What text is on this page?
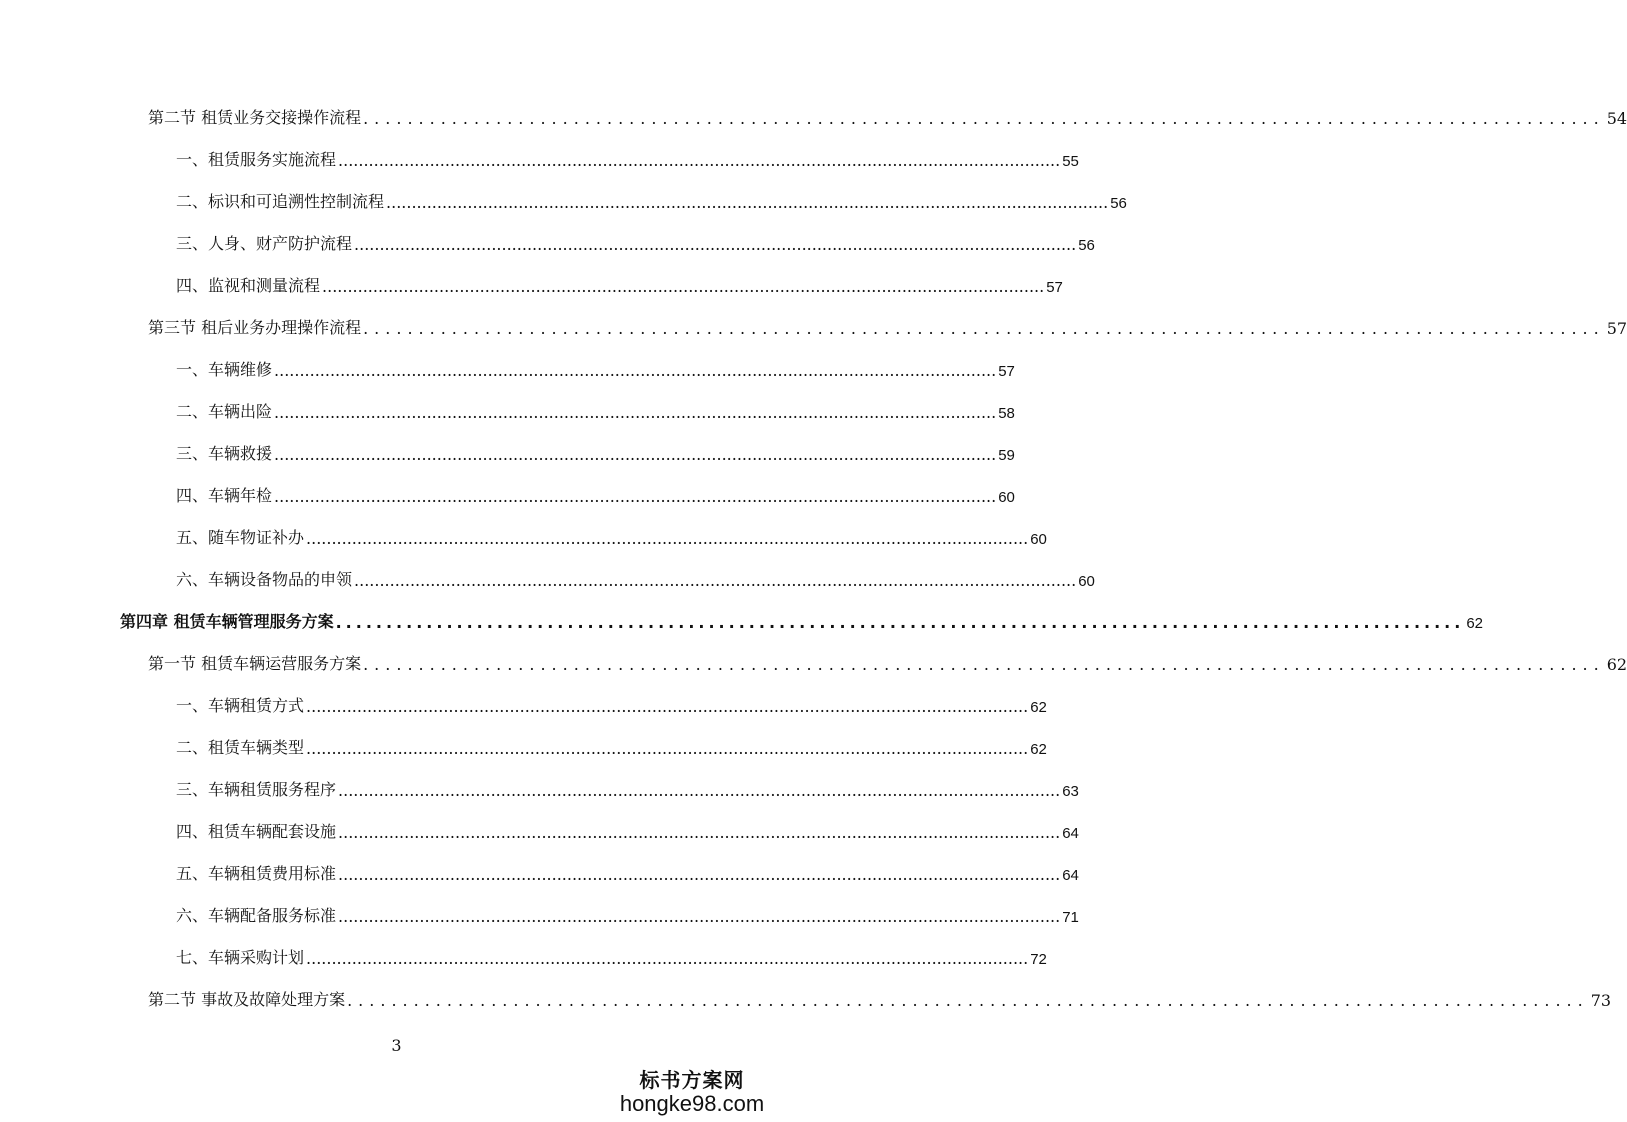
第二节 租赁业务交接操作流程 ................................................................................................................ 54
一、租赁服务实施流程 .............................................................................................................................................. 55
二、标识和可追溯性控制流程 .............................................................................................................................................. 56
三、人身、财产防护流程 .............................................................................................................................................. 56
四、监视和测量流程 .............................................................................................................................................. 57
第三节 租后业务办理操作流程 ................................................................................................................ 57
一、车辆维修 .............................................................................................................................................. 57
二、车辆出险 .............................................................................................................................................. 58
三、车辆救援 .............................................................................................................................................. 59
四、车辆年检 .............................................................................................................................................. 60
五、随车物证补办 .............................................................................................................................................. 60
六、车辆设备物品的申领 .............................................................................................................................................. 60
第四章 租赁车辆管理服务方案 ................................................................................................................ 62
第一节 租赁车辆运营服务方案 ................................................................................................................ 62
一、车辆租赁方式 .............................................................................................................................................. 62
二、租赁车辆类型 .............................................................................................................................................. 62
三、车辆租赁服务程序 .............................................................................................................................................. 63
四、租赁车辆配套设施 .............................................................................................................................................. 64
五、车辆租赁费用标准 .............................................................................................................................................. 64
六、车辆配备服务标准 .............................................................................................................................................. 71
七、车辆采购计划 .............................................................................................................................................. 72
第二节 事故及故障处理方案 ................................................................................................................ 73
3
标书方案网
hongke98.com
